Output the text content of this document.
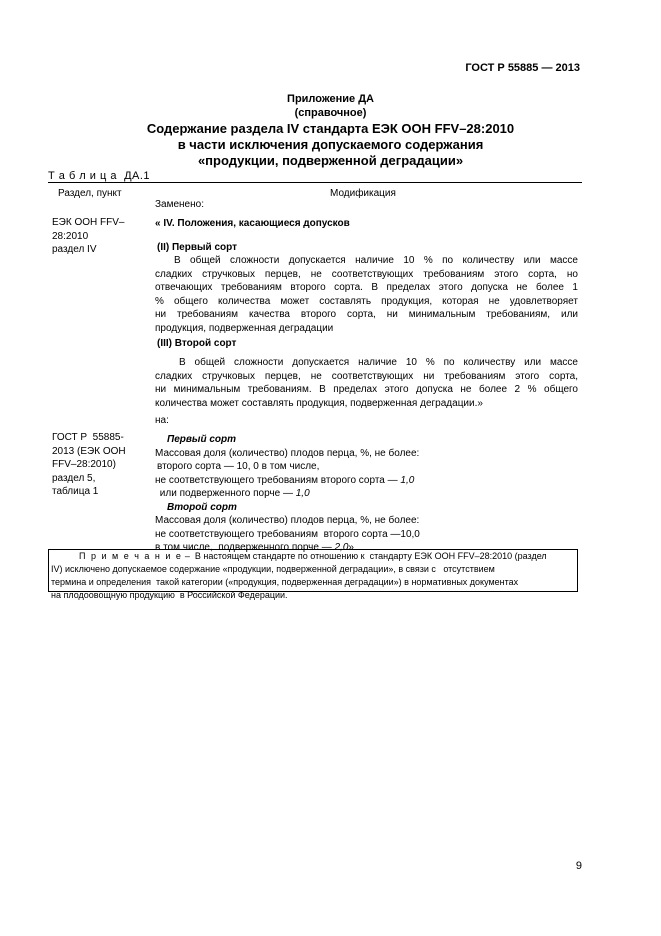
ГОСТ Р 55885 — 2013
Приложение ДА
(справочное)
Содержание раздела IV стандарта ЕЭК ООН FFV–28:2010
в части исключения допускаемого содержания
«продукции, подверженной деградации»
Т а б л и ц а  ДА.1
Раздел, пункт	Модификация
ЕЭК ООН FFV–
28:2010
раздел IV
Заменено:
« IV. Положения, касающиеся допусков
(II) Первый сорт
В общей сложности допускается наличие 10 % по количеству или массе
сладких стручковых перцев, не соответствующих требованиям этого сорта, но
отвечающих требованиям второго сорта. В пределах этого допуска не более 1
% общего количества может составлять продукция, которая не удовлетворяет
ни требованиям качества второго сорта, ни минимальным требованиям, или
продукция, подверженная деградации
(III) Второй сорт
В общей сложности допускается наличие 10 % по количеству или массе
сладких стручковых перцев, не соответствующих ни требованиям этого сорта,
ни минимальным требованиям. В пределах этого допуска не более 2 % общего
количества может составлять продукция, подверженная деградации.»
на:
ГОСТ Р  55885-
2013 (ЕЭК ООН
FFV–28:2010)
раздел 5,
таблица 1
Первый сорт
Массовая доля (количество) плодов перца, %, не более:
второго сорта — 10, 0 в том числе,
не соответствующего требованиям второго сорта — 1,0
или подверженного порче — 1,0
Второй сорт
Массовая доля (количество) плодов перца, %, не более:
не соответствующего требованиям  второго сорта —10,0
в том числе,  подверженного порче — 2,0»
П р и м е ч а н и е –  В настоящем стандарте по отношению к  стандарту ЕЭК ООН FFV–28:2010 (раздел
IV) исключено допускаемое содержание «продукции, подверженной деградации», в связи с   отсутствием
термина и определения  такой категории («продукция, подверженная деградации») в нормативных документах
на плодоовощную продукцию  в Российской Федерации.
9
